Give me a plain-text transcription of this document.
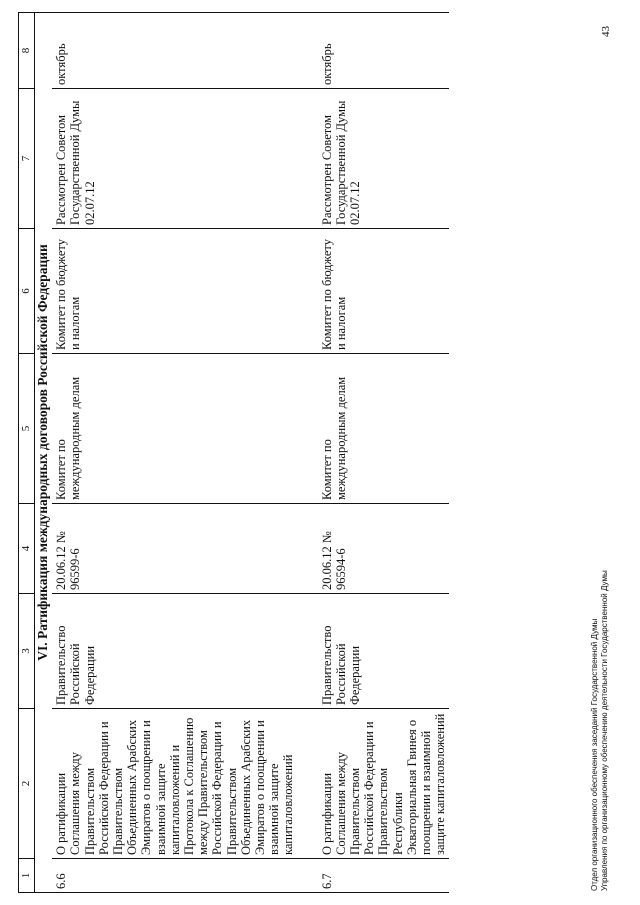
1	2	3	4	5	6	7	8
VI. Ратификация международных договоров Российской Федерации							
6.6	О ратификации Соглашения между Правительством Российской Федерации и Правительством Объединенных Арабских Эмиратов о поощрении и взаимной защите капиталовложений и Протокола к Соглашению между Правительством Российской Федерации и Правительством Объединенных Арабских Эмиратов о поощрении и взаимной защите капиталовложений	Правительство Российской Федерации	20.06.12 № 96599-6	Комитет по международным делам	Комитет по бюджету и налогам	Рассмотрен Советом Государственной Думы 02.07.12	октябрь

6.7	О ратификации Соглашения между Правительством Российской Федерации и Правительством Республики Экваториальная Гвинея о поощрении и взаимной защите капиталовложений	Правительство Российской Федерации	20.06.12 № 96594-6	Комитет по международным делам	Комитет по бюджету и налогам	Рассмотрен Советом Государственной Думы 02.07.12	октябрь
Отдел организационного обеспечения заседаний Государственной Думы Управления по организационному обеспечению деятельности Государственной Думы
43
